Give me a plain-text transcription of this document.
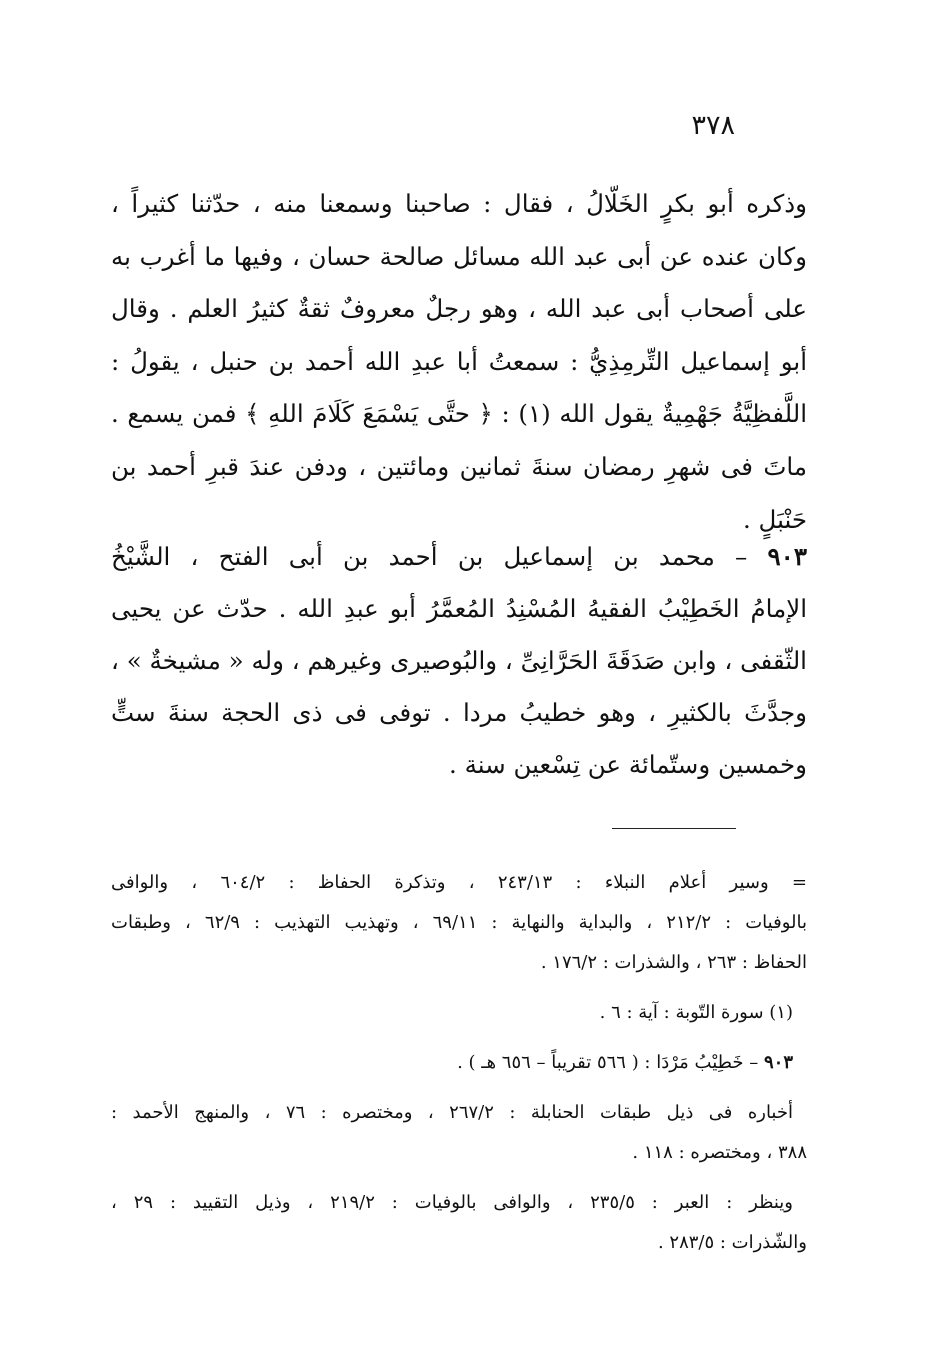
٣٧٨
وذكره أبو بكرٍ الخَلّالُ ، فقال : صاحبنا وسمعنا منه ، حدّثنا كثيراً ،
وكان عنده عن أبى عبد الله مسائل صالحة حسان ، وفيها ما أغرب به
على أصحاب أبى عبد الله ، وهو رجلٌ معروفٌ ثقةٌ كثيرُ العلم . وقال
أبو إسماعيل التِّرمِذِيُّ : سمعتُ أبا عبدِ الله أحمد بن حنبل ، يقولُ :
اللَّفظِيَّةُ جَهْمِيةٌ يقول الله (١) : ﴿ حتَّى يَسْمَعَ كَلَامَ اللهِ ﴾ فمن يسمع .
ماتَ فى شهرِ رمضان سنةَ ثمانين ومائتين ، ودفن عندَ قبرِ أحمد بن
حَنْبَلٍ .
٩٠٣ – محمد بن إسماعيل بن أحمد بن أبى الفتح ، الشَّيْخُ
الإمامُ الخَطِيْبُ الفقيهُ المُسْنِدُ المُعمَّرُ أبو عبدِ الله . حدّث عن يحيى
الثّقفى ، وابن صَدَقَةَ الحَرَّانِىِّ ، والبُوصيرى وغيرهم ، وله « مشيخةٌ » ،
وجدَّثَ بالكثيرِ ، وهو خطيبُ مردا . توفى فى ذى الحجة سنةَ ستٍّ
وخمسين وستّمائة عن تِسْعين سنة .
= وسير أعلام النبلاء : ٢٤٣/١٣ ، وتذكرة الحفاظ : ٦٠٤/٢ ، والوافى
بالوفيات : ٢١٢/٢ ، والبداية والنهاية : ٦٩/١١ ، وتهذيب التهذيب : ٦٢/٩ ، وطبقات
الحفاظ : ٢٦٣ ، والشذرات : ١٧٦/٢ .
(١) سورة التّوبة : آية : ٦ .
٩٠٣ – خَطِيْبُ مَرْدَا : ( ٥٦٦ تقريباً – ٦٥٦ هـ ) .
أخباره فى ذيل طبقات الحنابلة : ٢٦٧/٢ ، ومختصره : ٧٦ ، والمنهج الأحمد :
٣٨٨ ، ومختصره : ١١٨ .
وينظر : العبر : ٢٣٥/٥ ، والوافى بالوفيات : ٢١٩/٢ ، وذيل التقييد : ٢٩ ،
والشّذرات : ٢٨٣/٥ .
